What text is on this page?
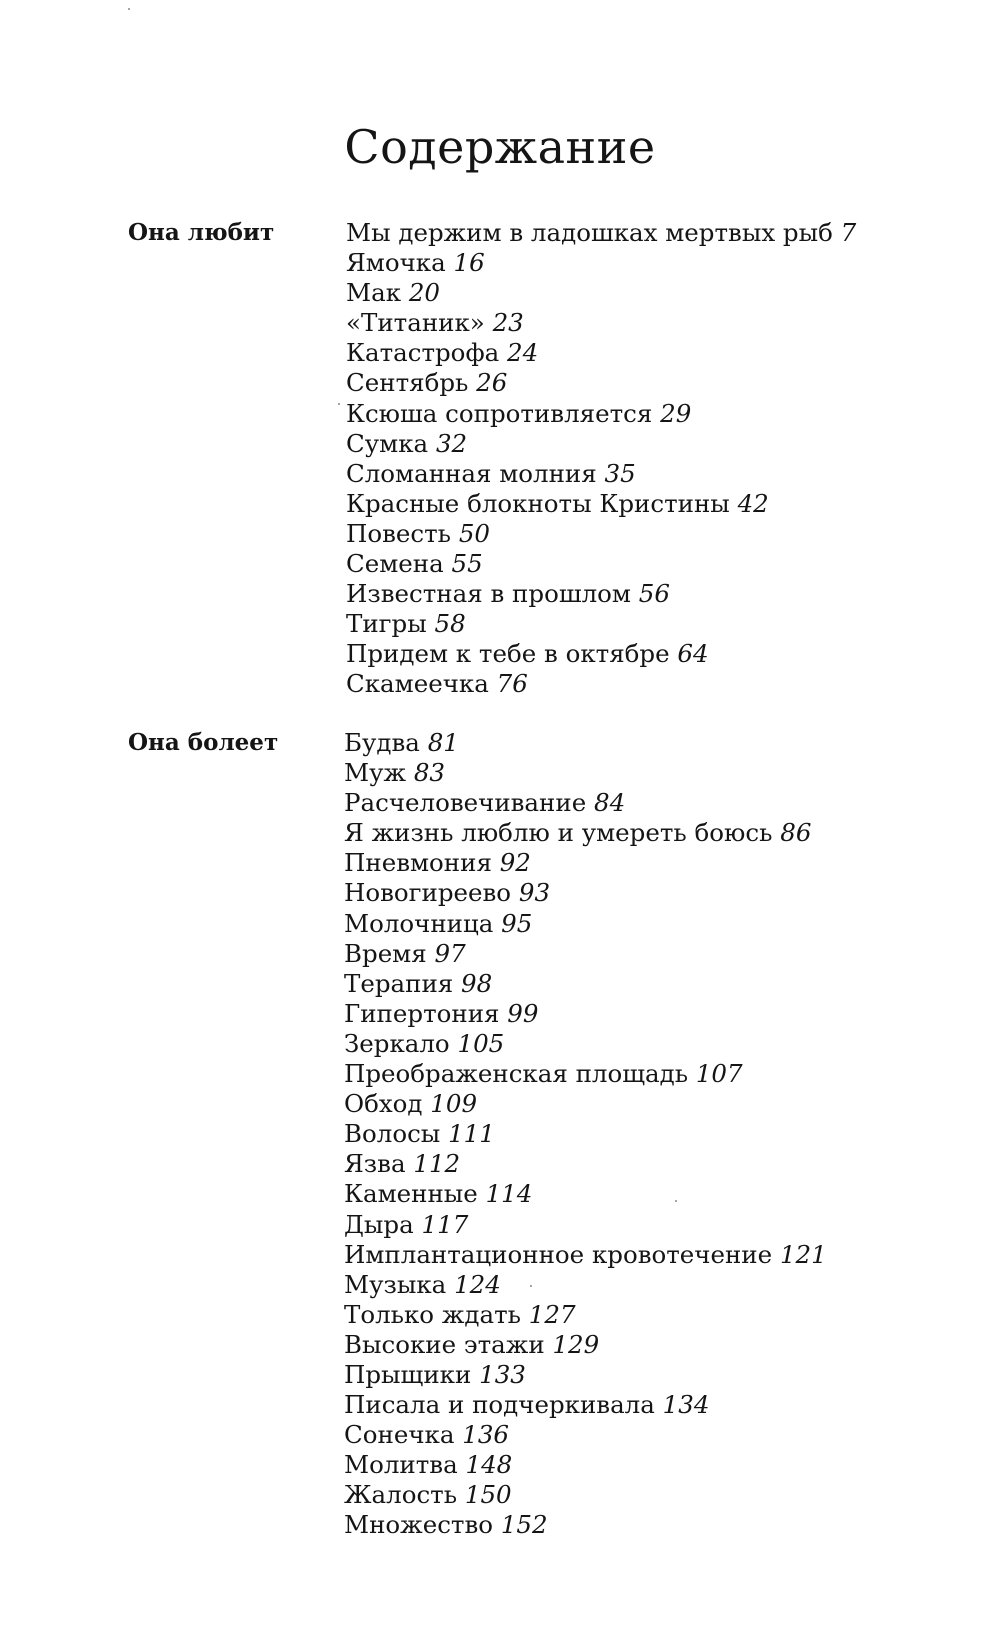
Содержание
Она любит	Мы держим в ладошках мертвых рыб 7
Ямочка 16
Мак 20
«Титаник» 23
Катастрофа 24
Сентябрь 26
Ксюша сопротивляется 29
Сумка 32
Сломанная молния 35
Красные блокноты Кристины 42
Повесть 50
Семена 55
Известная в прошлом 56
Тигры 58
Придем к тебе в октябре 64
Скамеечка 76
Она болеет	Будва 81
Муж 83
Расчеловечивание 84
Я жизнь люблю и умереть боюсь 86
Пневмония 92
Новогиреево 93
Молочница 95
Время 97
Терапия 98
Гипертония 99
Зеркало 105
Преображенская площадь 107
Обход 109
Волосы 111
Язва 112
Каменные 114
Дыра 117
Имплантационное кровотечение 121
Музыка 124
Только ждать 127
Высокие этажи 129
Прыщики 133
Писала и подчеркивала 134
Сонечка 136
Молитва 148
Жалость 150
Множество 152
